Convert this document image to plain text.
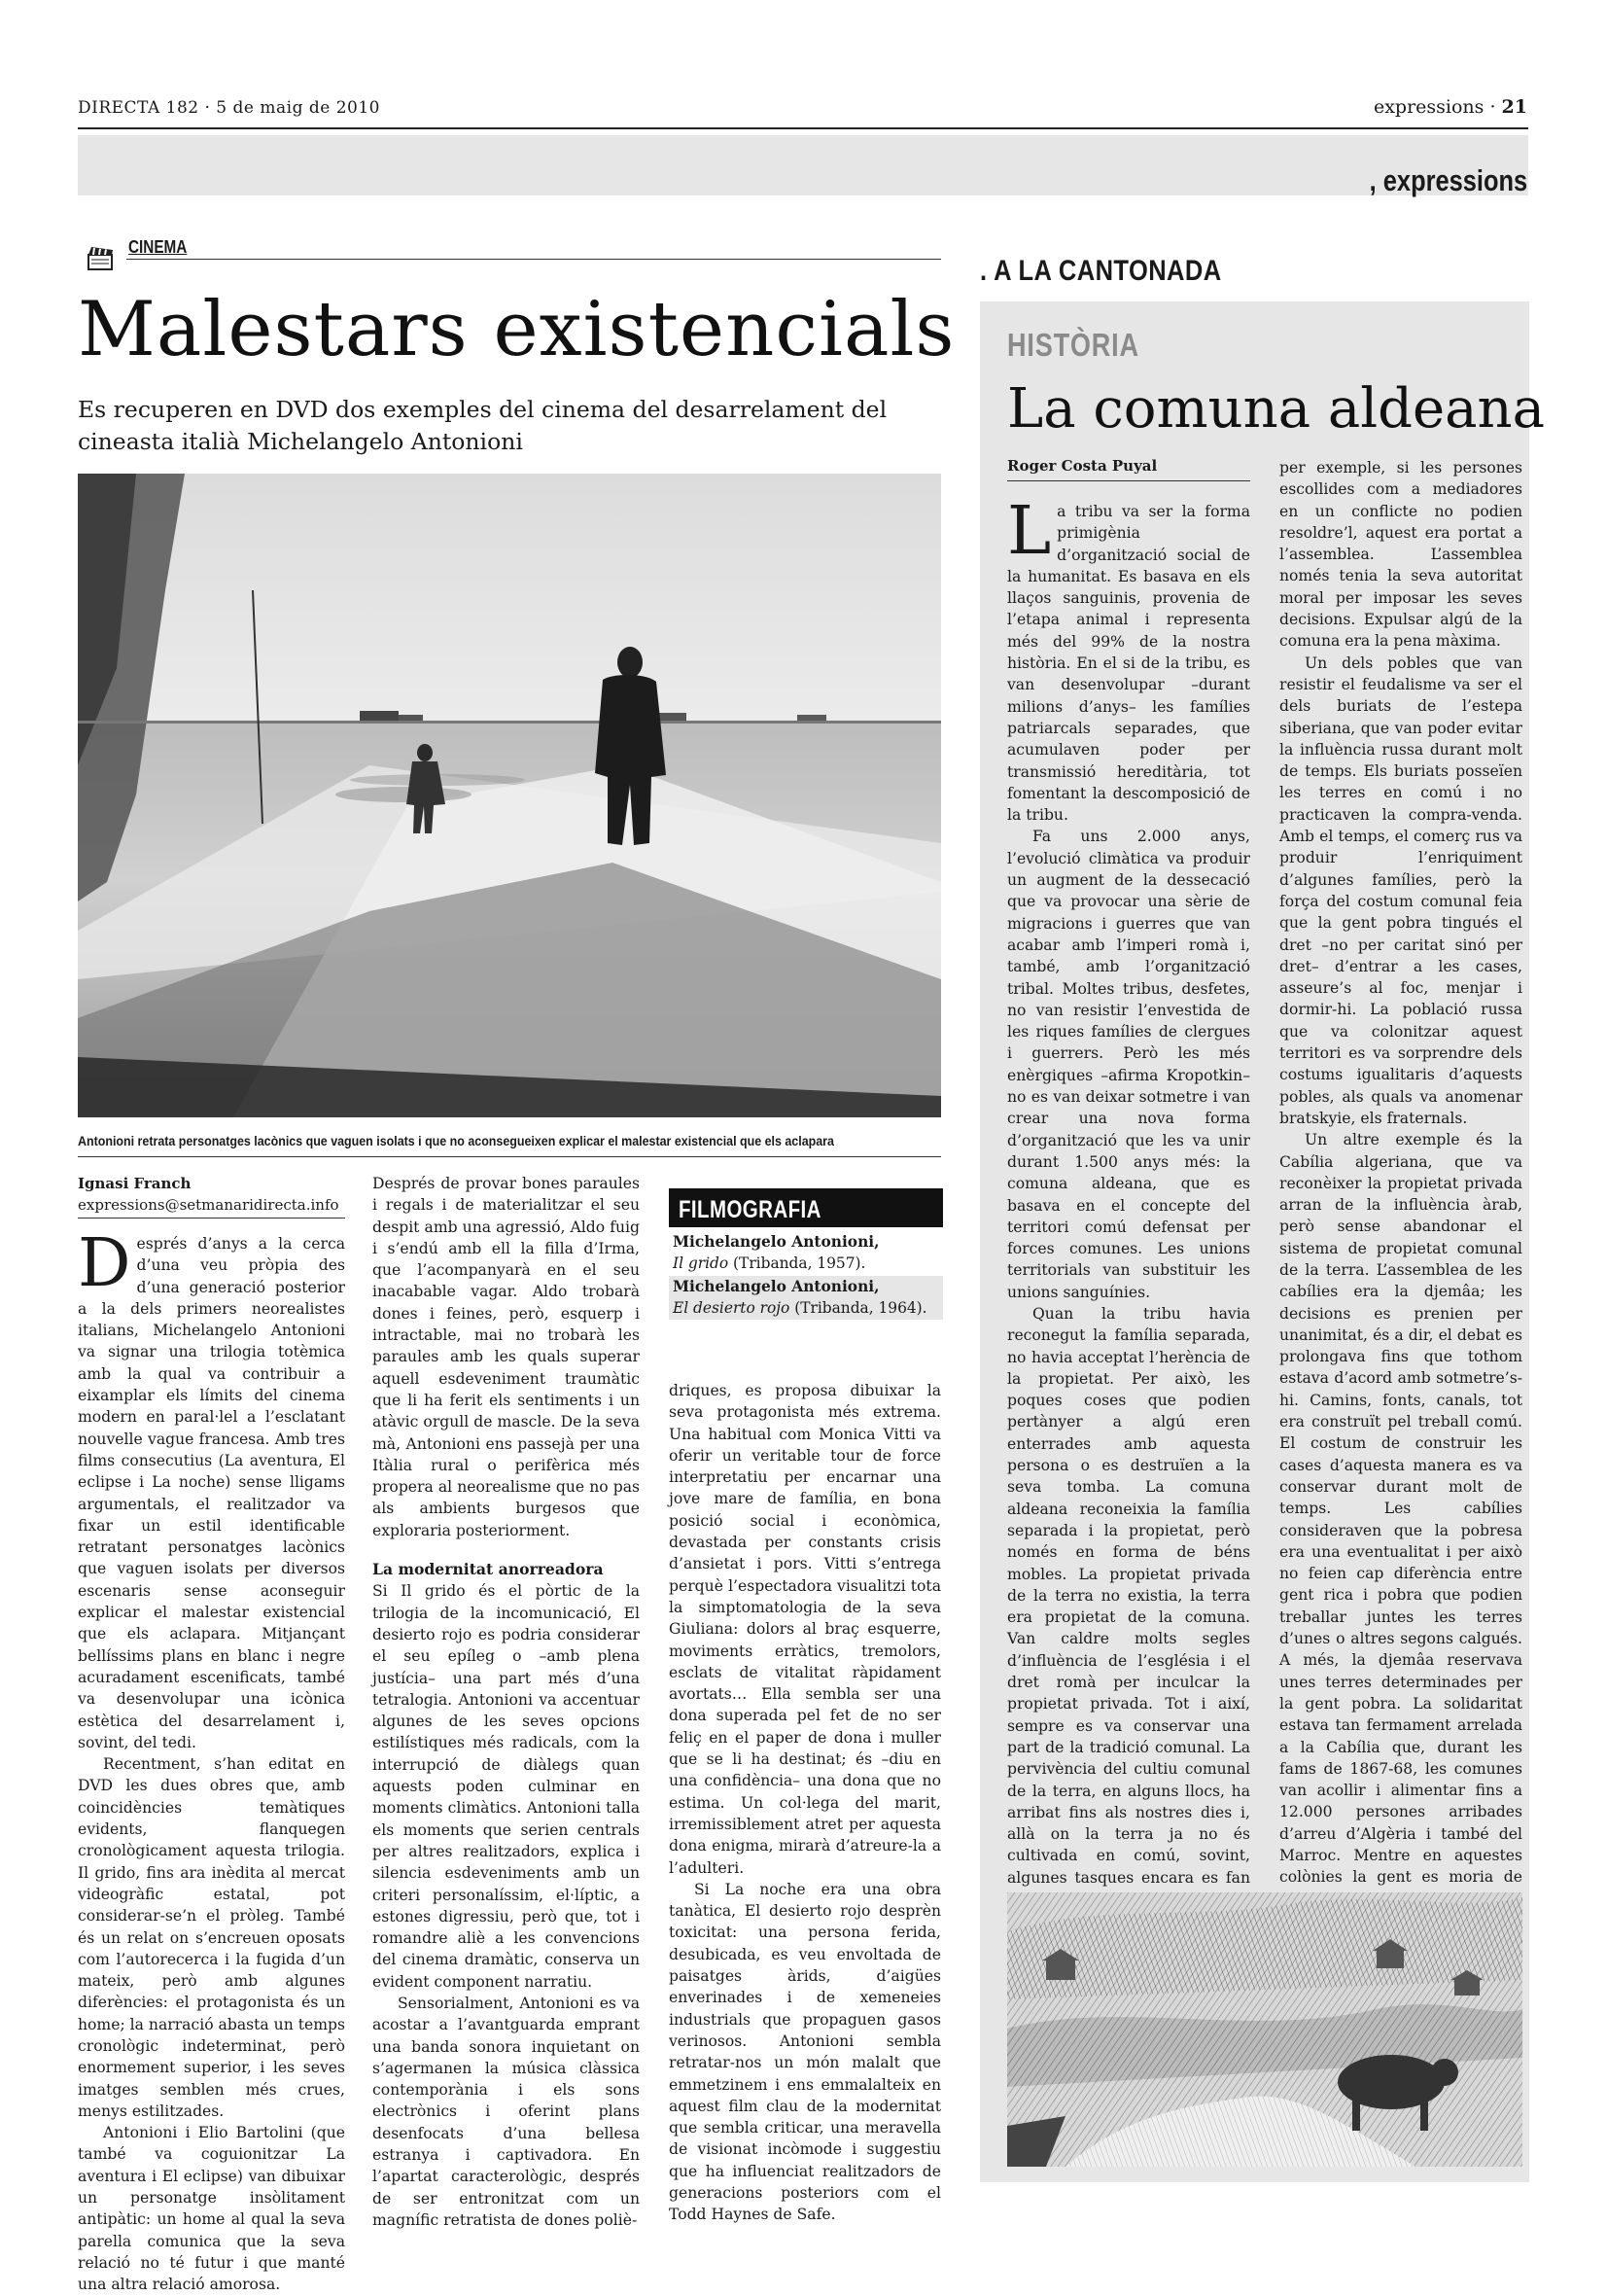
DIRECTA 182 · 5 de maig de 2010	expressions · 21
, expressions
CINEMA
Malestars existencials
Es recuperen en DVD dos exemples del cinema del desarrelament del cineasta italià Michelangelo Antonioni
Antonioni retrata personatges lacònics que vaguen isolats i que no aconsegueixen explicar el malestar existencial que els aclapara
Ignasi Franch
expressions@setmanaridirecta.info

Després d’anys a la cerca d’una veu pròpia des d’una generació posterior a la dels primers neorealistes italians, Michelangelo Antonioni va signar una trilogia totèmica amb la qual va contribuir a eixamplar els límits del cinema modern en paral·lel a l’esclatant nouvelle vague francesa. Amb tres films consecutius (La aventura, El eclipse i La noche) sense lligams argumentals, el realitzador va fixar un estil identificable retratant personatges lacònics que vaguen isolats per diversos escenaris sense aconseguir explicar el malestar existencial que els aclapara. Mitjançant bellíssims plans en blanc i negre acuradament escenificats, també va desenvolupar una icònica estètica del desarrelament i, sovint, del tedi.

Recentment, s’han editat en DVD les dues obres que, amb coincidències temàtiques evidents, flanquegen cronològicament aquesta trilogia. Il grido, fins ara inèdita al mercat videogràfic estatal, pot considerar-se’n el pròleg. També és un relat on s’encreuen oposats com l’autorecerca i la fugida d’un mateix, però amb algunes diferències: el protagonista és un home; la narració abasta un temps cronològic indeterminat, però enormement superior, i les seves imatges semblen més crues, menys estilitzades.

Antonioni i Elio Bartolini (que també va coguionitzar La aventura i El eclipse) van dibuixar un personatge insòlitament antipàtic: un home al qual la seva parella comunica que la seva relació no té futur i que manté una altra relació amorosa.

Després de provar bones paraules i regals i de materialitzar el seu despit amb una agressió, Aldo fuig i s’endú amb ell la filla d’Irma, que l’acompanyarà en el seu inacabable vagar. Aldo trobarà dones i feines, però, esquerp i intractable, mai no trobarà les paraules amb les quals superar aquell esdeveniment traumàtic que li ha ferit els sentiments i un atàvic orgull de mascle. De la seva mà, Antonioni ens passejà per una Itàlia rural o perifèrica més propera al neorealisme que no pas als ambients burgesos que exploraria posteriorment.

La modernitat anorreadora

Si Il grido és el pòrtic de la trilogia de la incomunicació, El desierto rojo es podria considerar el seu epíleg o –amb plena justícia– una part més d’una tetralogia. Antonioni va accentuar algunes de les seves opcions estilístiques més radicals, com la interrupció de diàlegs quan aquests poden culminar en moments climàtics. Antonioni talla els moments que serien centrals per altres realitzadors, explica i silencia esdeveniments amb un criteri personalíssim, el·líptic, a estones digressiu, però que, tot i romandre aliè a les convencions del cinema dramàtic, conserva un evident component narratiu.

Sensorialment, Antonioni es va acostar a l’avantguarda emprant una banda sonora inquietant on s’agermanen la música clàssica contemporània i els sons electrònics i oferint plans desenfocats d’una bellesa estranya i captivadora. En l’apartat caracterològic, després de ser entronitzat com un magnífic retratista de dones poliè-

FILMOGRAFIA
Michelangelo Antonioni,
Il grido (Tribanda, 1957).
Michelangelo Antonioni,
El desierto rojo (Tribanda, 1964).

driques, es proposa dibuixar la seva protagonista més extrema. Una habitual com Monica Vitti va oferir un veritable tour de force interpretatiu per encarnar una jove mare de família, en bona posició social i econòmica, devastada per constants crisis d’ansietat i pors. Vitti s’entrega perquè l’espectadora visualitzi tota la simptomatologia de la seva Giuliana: dolors al braç esquerre, moviments erràtics, tremolors, esclats de vitalitat ràpidament avortats… Ella sembla ser una dona superada pel fet de no ser feliç en el paper de dona i muller que se li ha destinat; és –diu en una confidència– una dona que no estima. Un col·lega del marit, irremissiblement atret per aquesta dona enigma, mirarà d’atreure-la a l’adulteri.

Si La noche era una obra tanàtica, El desierto rojo desprèn toxicitat: una persona ferida, desubicada, es veu envoltada de paisatges àrids, d’aigües enverinades i de xemeneies industrials que propaguen gasos verinosos. Antonioni sembla retratar-nos un món malalt que emmetzinem i ens emmalalteix en aquest film clau de la modernitat que sembla criticar, una meravella de visionat incòmode i suggestiu que ha influenciat realitzadors de generacions posteriors com el Todd Haynes de Safe.

. A LA CANTONADA
HISTÒRIA
La comuna aldeana
Roger Costa Puyal

La tribu va ser la forma primigènia d’organització social de la humanitat. Es basava en els llaços sanguinis, provenia de l’etapa animal i representa més del 99% de la nostra història. En el si de la tribu, es van desenvolupar –durant milions d’anys– les famílies patriarcals separades, que acumulaven poder per transmissió hereditària, tot fomentant la descomposició de la tribu.

Fa uns 2.000 anys, l’evolució climàtica va produir un augment de la dessecació que va provocar una sèrie de migracions i guerres que van acabar amb l’imperi romà i, també, amb l’organització tribal. Moltes tribus, desfetes, no van resistir l’envestida de les riques famílies de clergues i guerrers. Però les més enèrgiques –afirma Kropotkin– no es van deixar sotmetre i van crear una nova forma d’organització que les va unir durant 1.500 anys més: la comuna aldeana, que es basava en el concepte del territori comú defensat per forces comunes. Les unions territorials van substituir les unions sanguínies.

Quan la tribu havia reconegut la família separada, no havia acceptat l’herència de la propietat. Per això, les poques coses que podien pertànyer a algú eren enterrades amb aquesta persona o es destruïen a la seva tomba. La comuna aldeana reconeixia la família separada i la propietat, però només en forma de béns mobles. La propietat privada de la terra no existia, la terra era propietat de la comuna. Van caldre molts segles d’influència de l’església i el dret romà per inculcar la propietat privada. Tot i així, sempre es va conservar una part de la tradició comunal. La pervivència del cultiu comunal de la terra, en alguns llocs, ha arribat fins als nostres dies i, allà on la terra ja no és cultivada en comú, sovint, algunes tasques encara es fan

per exemple, si les persones escollides com a mediadores en un conflicte no podien resoldre’l, aquest era portat a l’assemblea. L’assemblea només tenia la seva autoritat moral per imposar les seves decisions. Expulsar algú de la comuna era la pena màxima.

Un dels pobles que van resistir el feudalisme va ser el dels buriats de l’estepa siberiana, que van poder evitar la influència russa durant molt de temps. Els buriats posseïen les terres en comú i no practicaven la compra-venda. Amb el temps, el comerç rus va produir l’enriquiment d’algunes famílies, però la força del costum comunal feia que la gent pobra tingués el dret –no per caritat sinó per dret– d’entrar a les cases, asseure’s al foc, menjar i dormir-hi. La població russa que va colonitzar aquest territori es va sorprendre dels costums igualitaris d’aquests pobles, als quals va anomenar bratskyie, els fraternals.

Un altre exemple és la Cabília algeriana, que va reconèixer la propietat privada arran de la influència àrab, però sense abandonar el sistema de propietat comunal de la terra. L’assemblea de les cabílies era la djemâa; les decisions es prenien per unanimitat, és a dir, el debat es prolongava fins que tothom estava d’acord amb sotmetre’s-hi. Camins, fonts, canals, tot era construït pel treball comú. El costum de construir les cases d’aquesta manera es va conservar durant molt de temps. Les cabílies consideraven que la pobresa era una eventualitat i per això no feien cap diferència entre gent rica i pobra que podien treballar juntes les terres d’unes o altres segons calgués. A més, la djemâa reservava unes terres determinades per la gent pobra. La solidaritat estava tan fermament arrelada a la Cabília que, durant les fams de 1867-68, les comunes van acollir i alimentar fins a 12.000 persones arribades d’arreu d’Algèria i també del Marroc. Mentre en aquestes colònies la gent es moria de
